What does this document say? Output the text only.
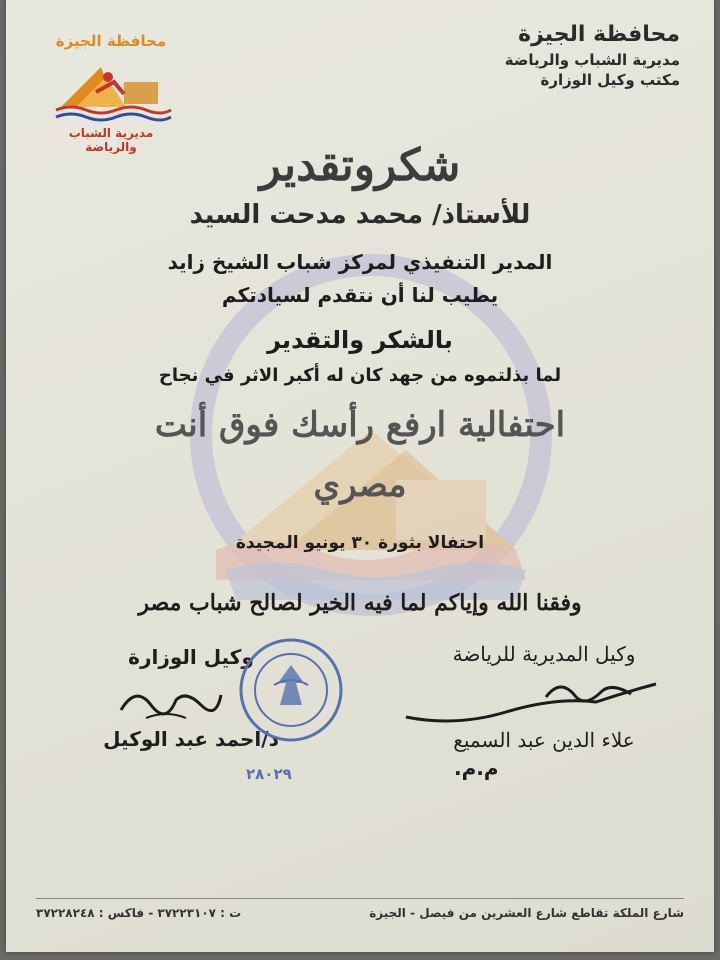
محافظة الجيزة
مديرية الشباب والرياضة
مكتب وكيل الوزارة
محافظة الجيزة
مديرية الشباب والرياضة	شكروتقدير
للأستاذ/ محمد مدحت السيد
المدير التنفيذي لمركز شباب الشيخ زايد
يطيب لنا أن نتقدم لسيادتكم
بالشكر والتقدير
لما بذلتموه من جهد كان له أكبر الاثر في نجاح
احتفالية ارفع رأسك فوق أنت
مصري
احتفالا بثورة ٣٠ يونيو المجيدة
وفقنا الله وإياكم لما فيه الخير لصالح شباب مصر
وكيل الوزارة
د/احمد عبد الوكيل
٢٨٠٢٩
وكيل المديرية للرياضة
علاء الدين عبد السميع
م.م.
شارع الملكة تقاطع شارع العشرين من فيصل - الجيزة
ت : ٣٧٢٢٣١٠٧ - فاكس : ٣٧٢٢٨٢٤٨
